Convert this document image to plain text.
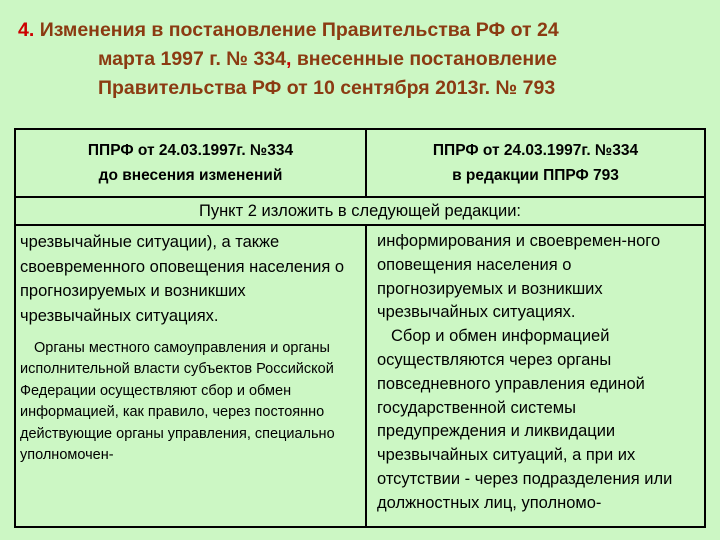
4. Изменения в постановление Правительства РФ от 24
марта 1997 г. № 334, внесенные постановление
Правительства РФ от 10 сентября 2013г. № 793
ППРФ от 24.03.1997г. №334
до внесения изменений
ППРФ от 24.03.1997г. №334
в редакции ППРФ 793
Пункт 2 изложить в следующей редакции:

чрезвычайные ситуации), а также своевременного оповещения населения о прогнозируемых и возникших чрезвычайных ситуациях.

Органы местного самоуправления и органы исполнительной власти субъектов Российской Федерации осуществляют сбор и обмен информацией, как правило, через постоянно действующие органы управления, специально уполномочен-

информирования и своевремен-ного оповещения населения о прогнозируемых и возникших чрезвычайных ситуациях.

Сбор и обмен информацией осуществляются через органы повседневного управления единой государственной системы предупреждения и ликвидации чрезвычайных ситуаций, а при их отсутствии - через подразделения или должностных лиц, уполномо-
